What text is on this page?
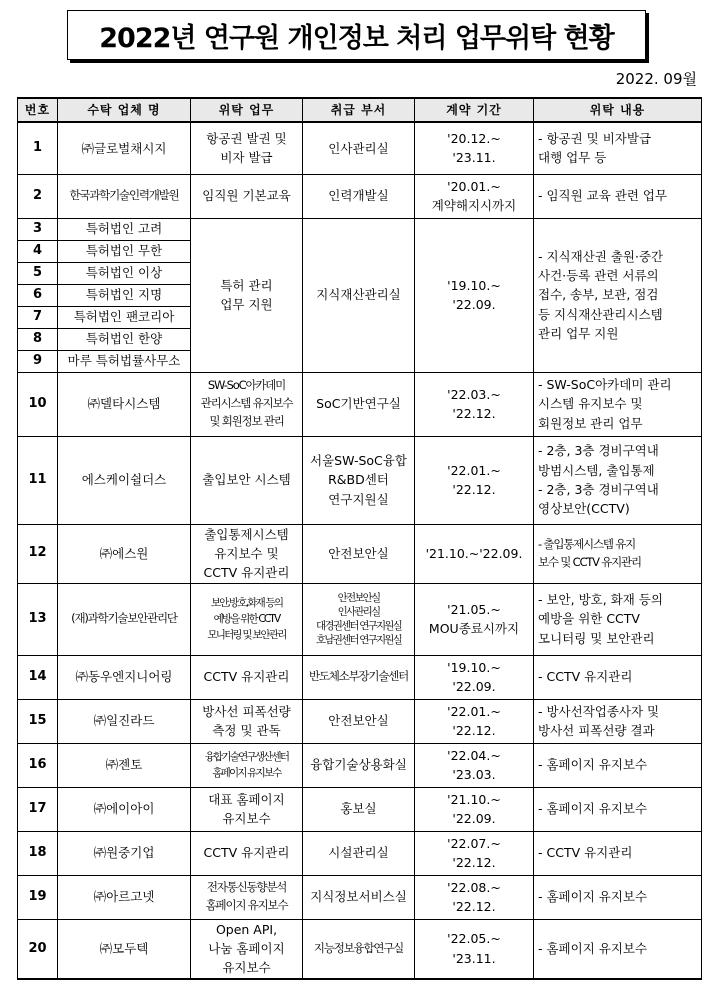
2022년 연구원 개인정보 처리 업무위탁 현황
2022. 09월
번호	수탁 업체 명	위탁 업무	취급 부서	계약 기간	위탁 내용
1	㈜글로벌채시지	항공권 발권 및
비자 발급	인사관리실	'20.12.~
'23.11.	- 항공권 및 비자발급
대행 업무 등

2	한국과학기술인력개발원	임직원 기본교육	인력개발실	'20.01.~
계약해지시까지	- 임직원 교육 관련 업무

3	특허법인 고려	특허 관리
업무 지원	지식재산관리실	'19.10.~
'22.09.	- 지식재산권 출원·중간
사건·등록 관련 서류의
접수, 송부, 보관, 점검
등 지식재산관리시스템
관리 업무 지원

4	특허법인 무한				
5	특허법인 이상				
6	특허법인 지명				
7	특허법인 팬코리아				
8	특허법인 한양				
9	마루 특허법률사무소				
10	㈜델타시스템	SW-SoC아카데미
관리시스템 유지보수
및 회원정보 관리	SoC기반연구실	'22.03.~
'22.12.	- SW-SoC아카데미 관리
시스템 유지보수 및
회원정보 관리 업무

11	에스케이쉴더스	출입보안 시스템	서울SW-SoC융합
R&BD센터
연구지원실	'22.01.~
'22.12.	- 2층, 3층 경비구역내
방범시스템, 출입통제
- 2층, 3층 경비구역내
영상보안(CCTV)

12	㈜에스원	출입통제시스템
유지보수 및
CCTV 유지관리	안전보안실	'21.10.~'22.09.	- 출입통제시스템 유지
보수 및 CCTV 유지관리

13	(재)과학기술보안관리단	보안,방호,화재 등의
예방을 위한 CCTV
모니터링 및 보안관리	안전보안실
인사관리실
대경권센터 연구지원실
호남권센터 연구지원실	'21.05.~
MOU종료시까지	- 보안, 방호, 화재 등의
예방을 위한 CCTV
모니터링 및 보안관리

14	㈜동우엔지니어링	CCTV 유지관리	반도체소부장기술센터	'19.10.~
'22.09.	- CCTV 유지관리

15	㈜일진라드	방사선 피폭선량
측정 및 관독	안전보안실	'22.01.~
'22.12.	- 방사선작업종사자 및
방사선 피폭선량 결과

16	㈜젠토	융합기술연구생산센터
홈페이지 유지보수	융합기술상용화실	'22.04.~
'23.03.	- 홈페이지 유지보수

17	㈜에이아이	대표 홈페이지
유지보수	홍보실	'21.10.~
'22.09.	- 홈페이지 유지보수

18	㈜원중기업	CCTV 유지관리	시설관리실	'22.07.~
'22.12.	- CCTV 유지관리

19	㈜아르고넷	전자통신동향분석
홈페이지 유지보수	지식정보서비스실	'22.08.~
'22.12.	- 홈페이지 유지보수

20	㈜모두텍	Open API,
나눔 홈페이지
유지보수	지능정보융합연구실	'22.05.~
'23.11.	- 홈페이지 유지보수
